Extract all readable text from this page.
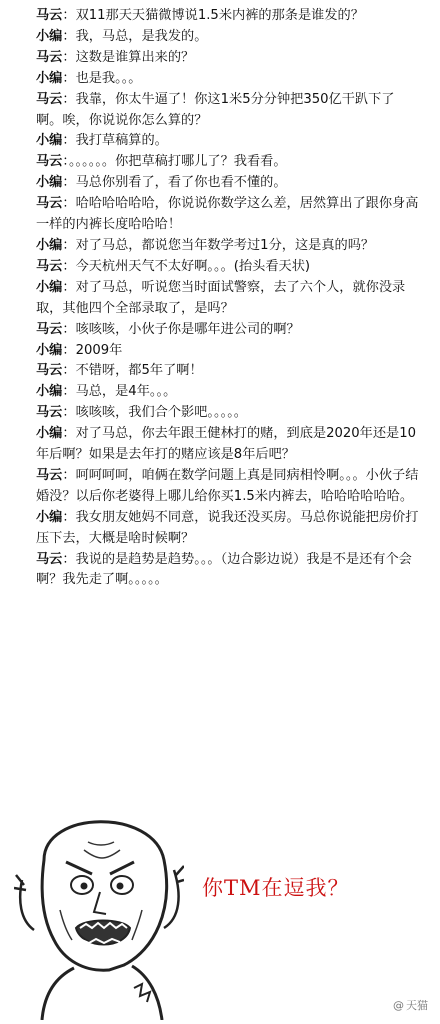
马云：双11那天天猫微博说1.5米内裤的那条是谁发的？
小编：我，马总，是我发的。
马云：这数是谁算出来的？
小编：也是我。。。
马云：我靠，你太牛逼了！你这1米5分分钟把350亿干趴下了啊。唉，你说说你怎么算的？
小编：我打草稿算的。
马云：。。。。。。你把草稿打哪儿了？我看看。
小编：马总你别看了，看了你也看不懂的。
马云：哈哈哈哈哈哈，你说说你数学这么差，居然算出了跟你身高一样的内裤长度哈哈哈！
小编：对了马总，都说您当年数学考过1分，这是真的吗？
马云：今天杭州天气不太好啊。。。(抬头看天状)
小编：对了马总，听说您当时面试警察，去了六个人，就你没录取，其他四个全部录取了，是吗？
马云：咳咳咳，小伙子你是哪年进公司的啊？
小编：2009年
马云：不错呀，都5年了啊！
小编：马总，是4年。。。
马云：咳咳咳，我们合个影吧。。。。。
小编：对了马总，你去年跟王健林打的赌，到底是2020年还是10年后啊？如果是去年打的赌应该是8年后吧？
马云：呵呵呵呵，咱俩在数学问题上真是同病相怜啊。。。小伙子结婚没？以后你老婆得上哪儿给你买1.5米内裤去，哈哈哈哈哈哈。
小编：我女朋友她妈不同意，说我还没买房。马总你说能把房价打压下去，大概是啥时候啊？
马云：我说的是趋势是趋势。。。（边合影边说）我是不是还有个会啊？我先走了啊。。。。。
你TM在逗我？
@ 天猫
